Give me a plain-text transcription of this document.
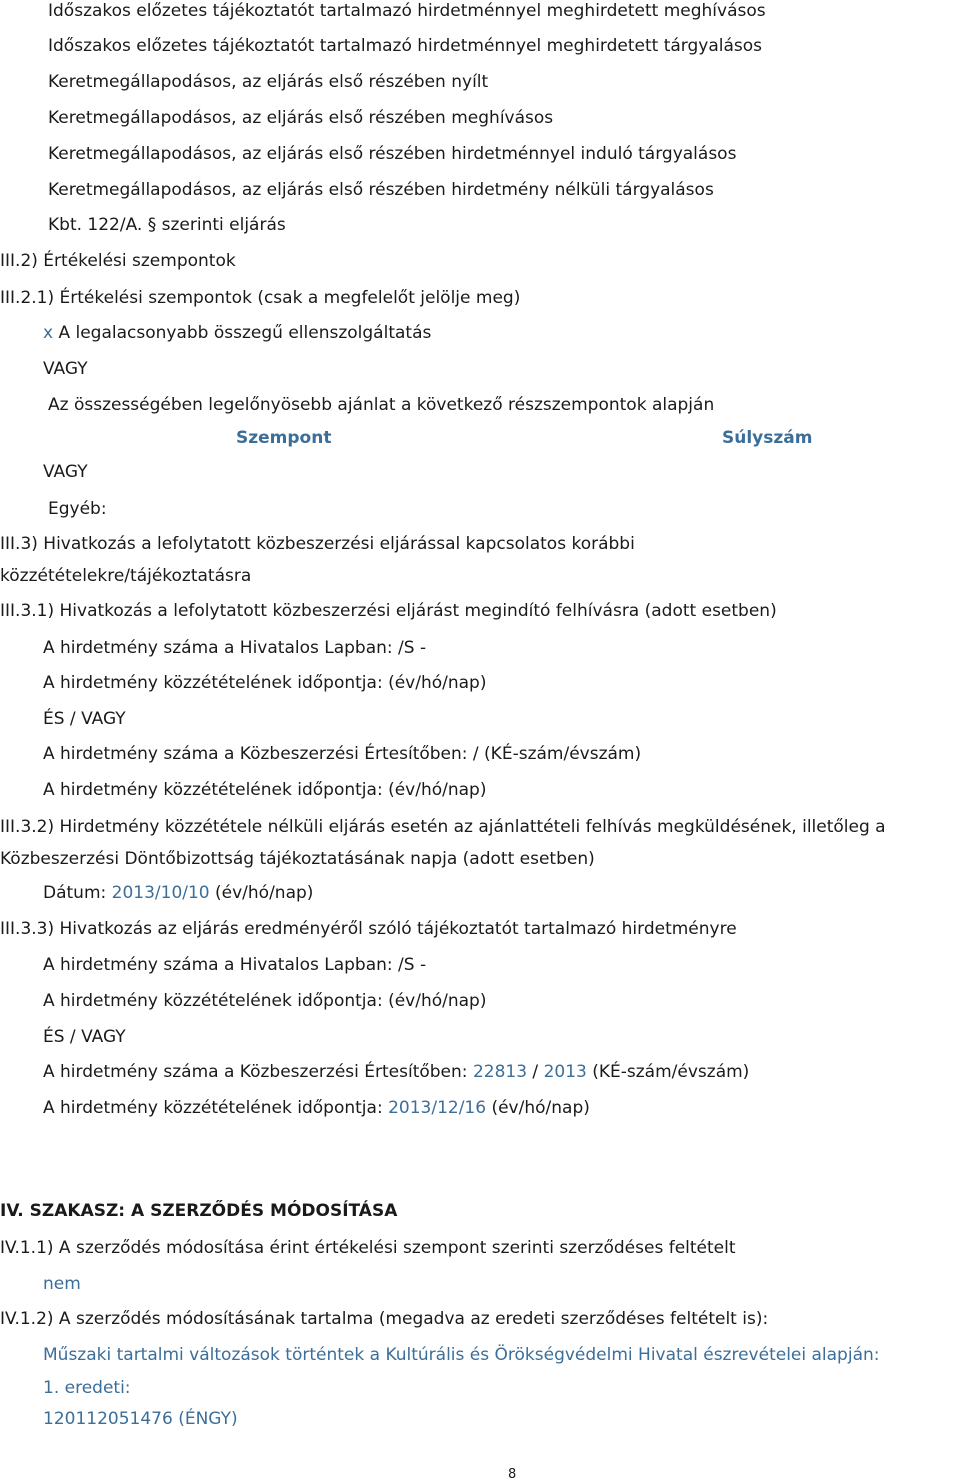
Időszakos előzetes tájékoztatót tartalmazó hirdetménnyel meghirdetett meghívásos
Időszakos előzetes tájékoztatót tartalmazó hirdetménnyel meghirdetett tárgyalásos
Keretmegállapodásos, az eljárás első részében nyílt
Keretmegállapodásos, az eljárás első részében meghívásos
Keretmegállapodásos, az eljárás első részében hirdetménnyel induló tárgyalásos
Keretmegállapodásos, az eljárás első részében hirdetmény nélküli tárgyalásos
Kbt. 122/A. § szerinti eljárás
III.2) Értékelési szempontok
III.2.1) Értékelési szempontok (csak a megfelelőt jelölje meg)
x A legalacsonyabb összegű ellenszolgáltatás
VAGY
Az összességében legelőnyösebb ajánlat a következő részszempontok alapján
Szempont	Súlyszám
VAGY
Egyéb:
III.3) Hivatkozás a lefolytatott közbeszerzési eljárással kapcsolatos korábbi
közzétételekre/tájékoztatásra
III.3.1) Hivatkozás a lefolytatott közbeszerzési eljárást megindító felhívásra (adott esetben)
A hirdetmény száma a Hivatalos Lapban: /S -
A hirdetmény közzétételének időpontja: (év/hó/nap)
ÉS / VAGY
A hirdetmény száma a Közbeszerzési Értesítőben: / (KÉ-szám/évszám)
A hirdetmény közzétételének időpontja: (év/hó/nap)
III.3.2) Hirdetmény közzététele nélküli eljárás esetén az ajánlattételi felhívás megküldésének, illetőleg a
Közbeszerzési Döntőbizottság tájékoztatásának napja (adott esetben)
Dátum: 2013/10/10 (év/hó/nap)
III.3.3) Hivatkozás az eljárás eredményéről szóló tájékoztatót tartalmazó hirdetményre
A hirdetmény száma a Hivatalos Lapban: /S -
A hirdetmény közzétételének időpontja: (év/hó/nap)
ÉS / VAGY
A hirdetmény száma a Közbeszerzési Értesítőben: 22813 / 2013 (KÉ-szám/évszám)
A hirdetmény közzétételének időpontja: 2013/12/16 (év/hó/nap)
IV. SZAKASZ: A SZERZŐDÉS MÓDOSÍTÁSA
IV.1.1) A szerződés módosítása érint értékelési szempont szerinti szerződéses feltételt
nem
IV.1.2) A szerződés módosításának tartalma (megadva az eredeti szerződéses feltételt is):
Műszaki tartalmi változások történtek a Kultúrális és Örökségvédelmi Hivatal észrevételei alapján:
1. eredeti:
120112051476 (ÉNGY)
8
